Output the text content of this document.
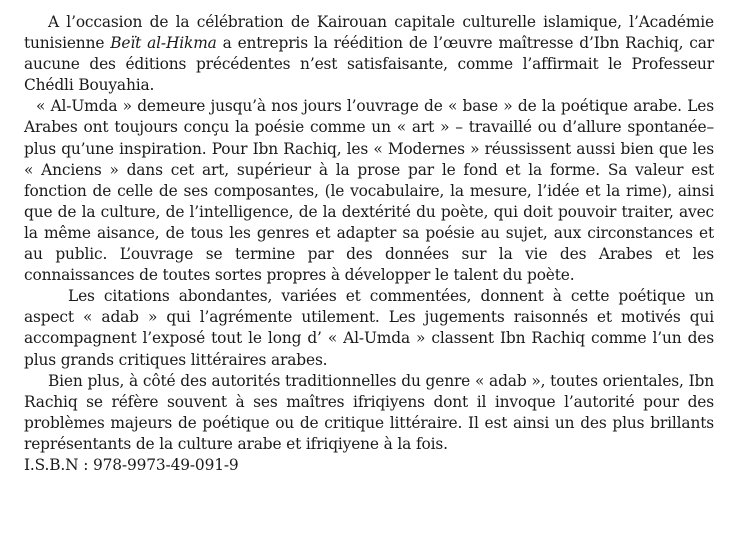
A l’occasion de la célébration de Kairouan capitale culturelle islamique, l’Académie tunisienne Beït al-Hikma a entrepris la réédition de l’œuvre maîtresse d’Ibn Rachiq, car aucune des éditions précédentes n’est satisfaisante, comme l’affirmait le Professeur Chédli Bouyahia.

« Al-Umda » demeure jusqu’à nos jours l’ouvrage de « base » de la poétique arabe. Les Arabes ont toujours conçu la poésie comme un « art » – travaillé ou d’allure spontanée– plus qu’une inspiration. Pour Ibn Rachiq, les « Modernes » réussissent aussi bien que les « Anciens » dans cet art, supérieur à la prose par le fond et la forme. Sa valeur est fonction de celle de ses composantes, (le vocabulaire, la mesure, l’idée et la rime), ainsi que de la culture, de l’intelligence, de la dextérité du poète, qui doit pouvoir traiter, avec la même aisance, de tous les genres et adapter sa poésie au sujet, aux circonstances et au public. L’ouvrage se termine par des données sur la vie des Arabes et les connaissances de toutes sortes propres à développer le talent du poète.

Les citations abondantes, variées et commentées, donnent à cette poétique un aspect « adab » qui l’agrémente utilement. Les jugements raisonnés et motivés qui accompagnent l’exposé tout le long d’ « Al-Umda » classent Ibn Rachiq comme l’un des plus grands critiques littéraires arabes.

Bien plus, à côté des autorités traditionnelles du genre « adab », toutes orientales, Ibn Rachiq se réfère souvent à ses maîtres ifriqiyens dont il invoque l’autorité pour des problèmes majeurs de poétique ou de critique littéraire. Il est ainsi un des plus brillants représentants de la culture arabe et ifriqiyene à la fois.

I.S.B.N : 978-9973-49-091-9
